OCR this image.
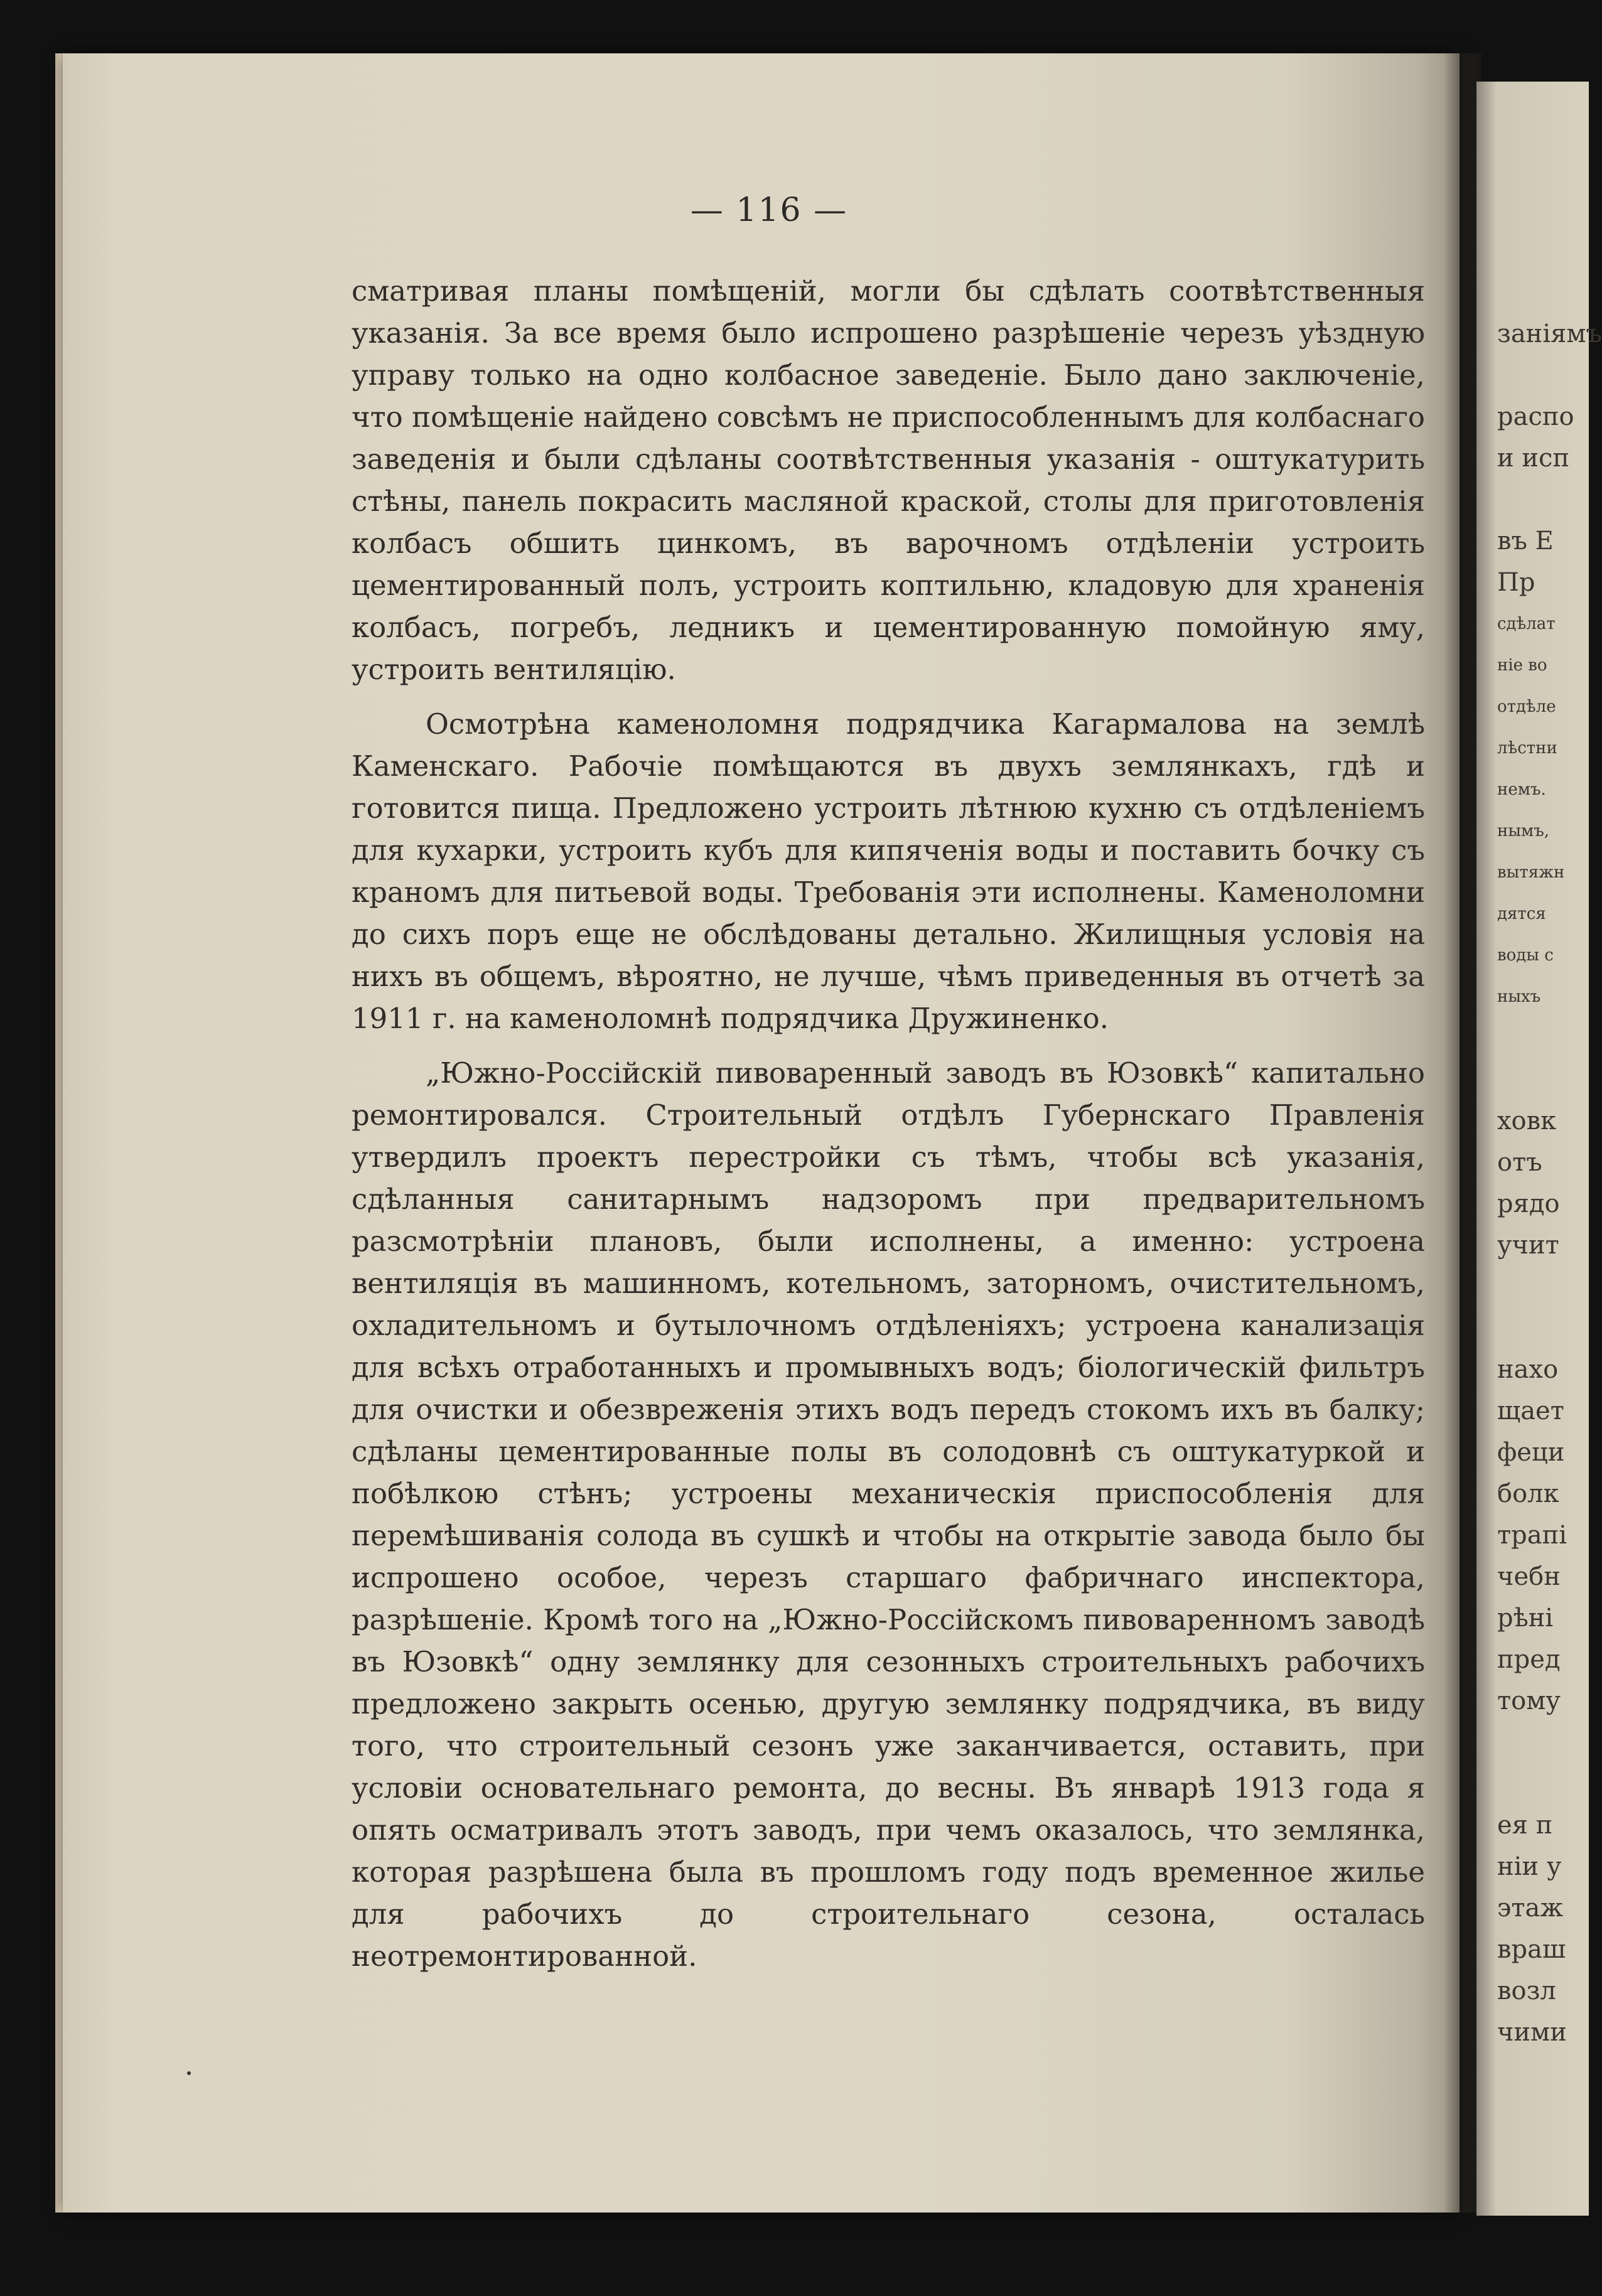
заніямъ
распо
и исп
въ Е
Пр
сдѣлат
ніе во
отдѣле
лѣстни
немъ.
нымъ,
вытяжн
дятся
воды с
ныхъ
ховк
отъ
рядо
учит
нахо
щает
феци
болк
трапі
чебн
рѣні
пред
тому
ея п
ніи у
этаж
враш
возл
чими
— 116 —

сматривая планы помѣщеній, могли бы сдѣлать соотвѣтственныя указанія. За все время было испрошено разрѣшеніе черезъ уѣздную управу только на одно колбасное заведеніе. Было дано заключеніе, что помѣщеніе найдено совсѣмъ не приспособленнымъ для колбаснаго заведенія и были сдѣланы соотвѣтственныя указанія - оштукатурить стѣны, панель покрасить масляной краской, столы для приготовленія колбасъ обшить цинкомъ, въ варочномъ отдѣленіи устроить цементированный полъ, устроить коптильню, кладовую для храненія колбасъ, погребъ, ледникъ и цементированную помойную яму, устроить вентиляцію.

Осмотрѣна каменоломня подрядчика Кагармалова на землѣ Каменскаго. Рабочіе помѣщаются въ двухъ землянкахъ, гдѣ и готовится пища. Предложено устроить лѣтнюю кухню съ отдѣленіемъ для кухарки, устроить кубъ для кипяченія воды и поставить бочку съ краномъ для питьевой воды. Требованія эти исполнены. Каменоломни до сихъ поръ еще не обслѣдованы детально. Жилищныя условія на нихъ въ общемъ, вѣроятно, не лучше, чѣмъ приведенныя въ отчетѣ за 1911 г. на каменоломнѣ подрядчика Дружиненко.

„Южно-Россійскій пивоваренный заводъ въ Юзовкѣ“ капитально ремонтировался. Строительный отдѣлъ Губернскаго Правленія утвердилъ проектъ перестройки съ тѣмъ, чтобы всѣ указанія, сдѣланныя санитарнымъ надзоромъ при предварительномъ разсмотрѣніи плановъ, были исполнены, а именно: устроена вентиляція въ машинномъ, котельномъ, заторномъ, очистительномъ, охладительномъ и бутылочномъ отдѣленіяхъ; устроена канализація для всѣхъ отработанныхъ и промывныхъ водъ; біологическій фильтръ для очистки и обезвреженія этихъ водъ передъ стокомъ ихъ въ балку; сдѣланы цементированные полы въ солодовнѣ съ оштукатуркой и побѣлкою стѣнъ; устроены механическія приспособленія для перемѣшиванія солода въ сушкѣ и чтобы на открытіе завода было бы испрошено особое, черезъ старшаго фабричнаго инспектора, разрѣшеніе. Кромѣ того на „Южно-Россійскомъ пивоваренномъ заводѣ въ Юзовкѣ“ одну землянку для сезонныхъ строительныхъ рабочихъ предложено закрыть осенью, другую землянку подрядчика, въ виду того, что строительный сезонъ уже заканчивается, оставить, при условіи основательнаго ремонта, до весны. Въ январѣ 1913 года я опять осматривалъ этотъ заводъ, при чемъ оказалось, что землянка, которая разрѣшена была въ прошломъ году подъ временное жилье для рабочихъ до строительнаго сезона, осталась неотремонтированной.
